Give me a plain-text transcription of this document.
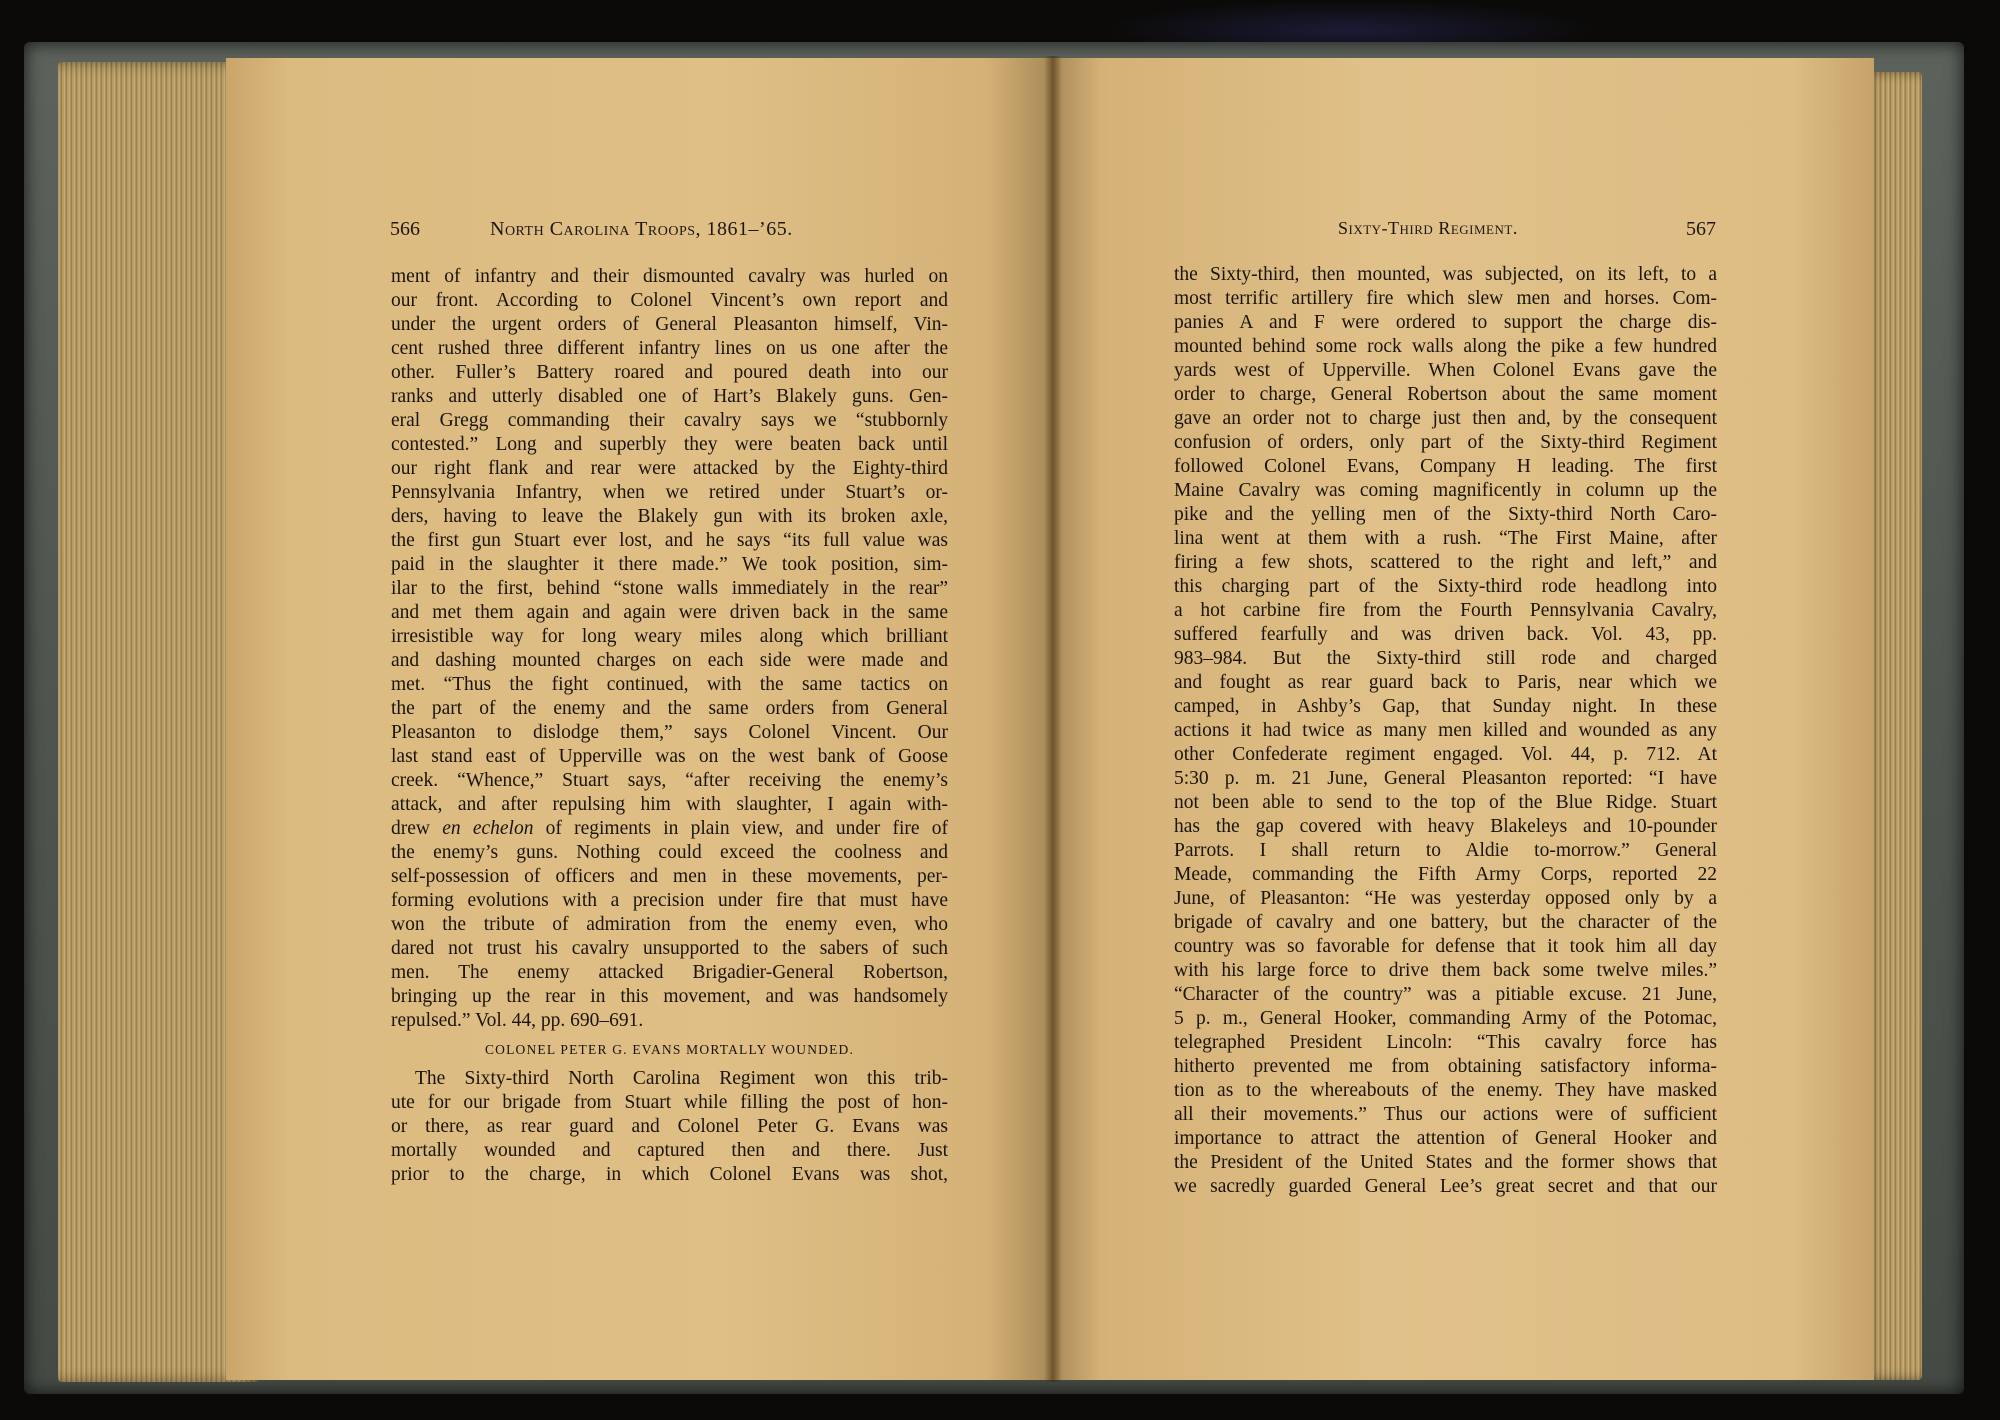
566	North Carolina Troops, 1861–’65.
ment of infantry and their dismounted cavalry was hurled on
our front. According to Colonel Vincent’s own report and
under the urgent orders of General Pleasanton himself, Vin-
cent rushed three different infantry lines on us one after the
other. Fuller’s Battery roared and poured death into our
ranks and utterly disabled one of Hart’s Blakely guns. Gen-
eral Gregg commanding their cavalry says we “stubbornly
contested.” Long and superbly they were beaten back until
our right flank and rear were attacked by the Eighty-third
Pennsylvania Infantry, when we retired under Stuart’s or-
ders, having to leave the Blakely gun with its broken axle,
the first gun Stuart ever lost, and he says “its full value was
paid in the slaughter it there made.” We took position, sim-
ilar to the first, behind “stone walls immediately in the rear”
and met them again and again were driven back in the same
irresistible way for long weary miles along which brilliant
and dashing mounted charges on each side were made and
met. “Thus the fight continued, with the same tactics on
the part of the enemy and the same orders from General
Pleasanton to dislodge them,” says Colonel Vincent. Our
last stand east of Upperville was on the west bank of Goose
creek. “Whence,” Stuart says, “after receiving the enemy’s
attack, and after repulsing him with slaughter, I again with-
drew en echelon of regiments in plain view, and under fire of
the enemy’s guns. Nothing could exceed the coolness and
self-possession of officers and men in these movements, per-
forming evolutions with a precision under fire that must have
won the tribute of admiration from the enemy even, who
dared not trust his cavalry unsupported to the sabers of such
men. The enemy attacked Brigadier-General Robertson,
bringing up the rear in this movement, and was handsomely
repulsed.” Vol. 44, pp. 690–691.
COLONEL PETER G. EVANS MORTALLY WOUNDED.
The Sixty-third North Carolina Regiment won this trib-
ute for our brigade from Stuart while filling the post of hon-
or there, as rear guard and Colonel Peter G. Evans was
mortally wounded and captured then and there. Just
prior to the charge, in which Colonel Evans was shot,
Sixty-Third Regiment.	567
the Sixty-third, then mounted, was subjected, on its left, to a
most terrific artillery fire which slew men and horses. Com-
panies A and F were ordered to support the charge dis-
mounted behind some rock walls along the pike a few hundred
yards west of Upperville. When Colonel Evans gave the
order to charge, General Robertson about the same moment
gave an order not to charge just then and, by the consequent
confusion of orders, only part of the Sixty-third Regiment
followed Colonel Evans, Company H leading. The first
Maine Cavalry was coming magnificently in column up the
pike and the yelling men of the Sixty-third North Caro-
lina went at them with a rush. “The First Maine, after
firing a few shots, scattered to the right and left,” and
this charging part of the Sixty-third rode headlong into
a hot carbine fire from the Fourth Pennsylvania Cavalry,
suffered fearfully and was driven back. Vol. 43, pp.
983–984. But the Sixty-third still rode and charged
and fought as rear guard back to Paris, near which we
camped, in Ashby’s Gap, that Sunday night. In these
actions it had twice as many men killed and wounded as any
other Confederate regiment engaged. Vol. 44, p. 712. At
5:30 p. m. 21 June, General Pleasanton reported: “I have
not been able to send to the top of the Blue Ridge. Stuart
has the gap covered with heavy Blakeleys and 10-pounder
Parrots. I shall return to Aldie to-morrow.” General
Meade, commanding the Fifth Army Corps, reported 22
June, of Pleasanton: “He was yesterday opposed only by a
brigade of cavalry and one battery, but the character of the
country was so favorable for defense that it took him all day
with his large force to drive them back some twelve miles.”
“Character of the country” was a pitiable excuse. 21 June,
5 p. m., General Hooker, commanding Army of the Potomac,
telegraphed President Lincoln: “This cavalry force has
hitherto prevented me from obtaining satisfactory informa-
tion as to the whereabouts of the enemy. They have masked
all their movements.” Thus our actions were of sufficient
importance to attract the attention of General Hooker and
the President of the United States and the former shows that
we sacredly guarded General Lee’s great secret and that our
